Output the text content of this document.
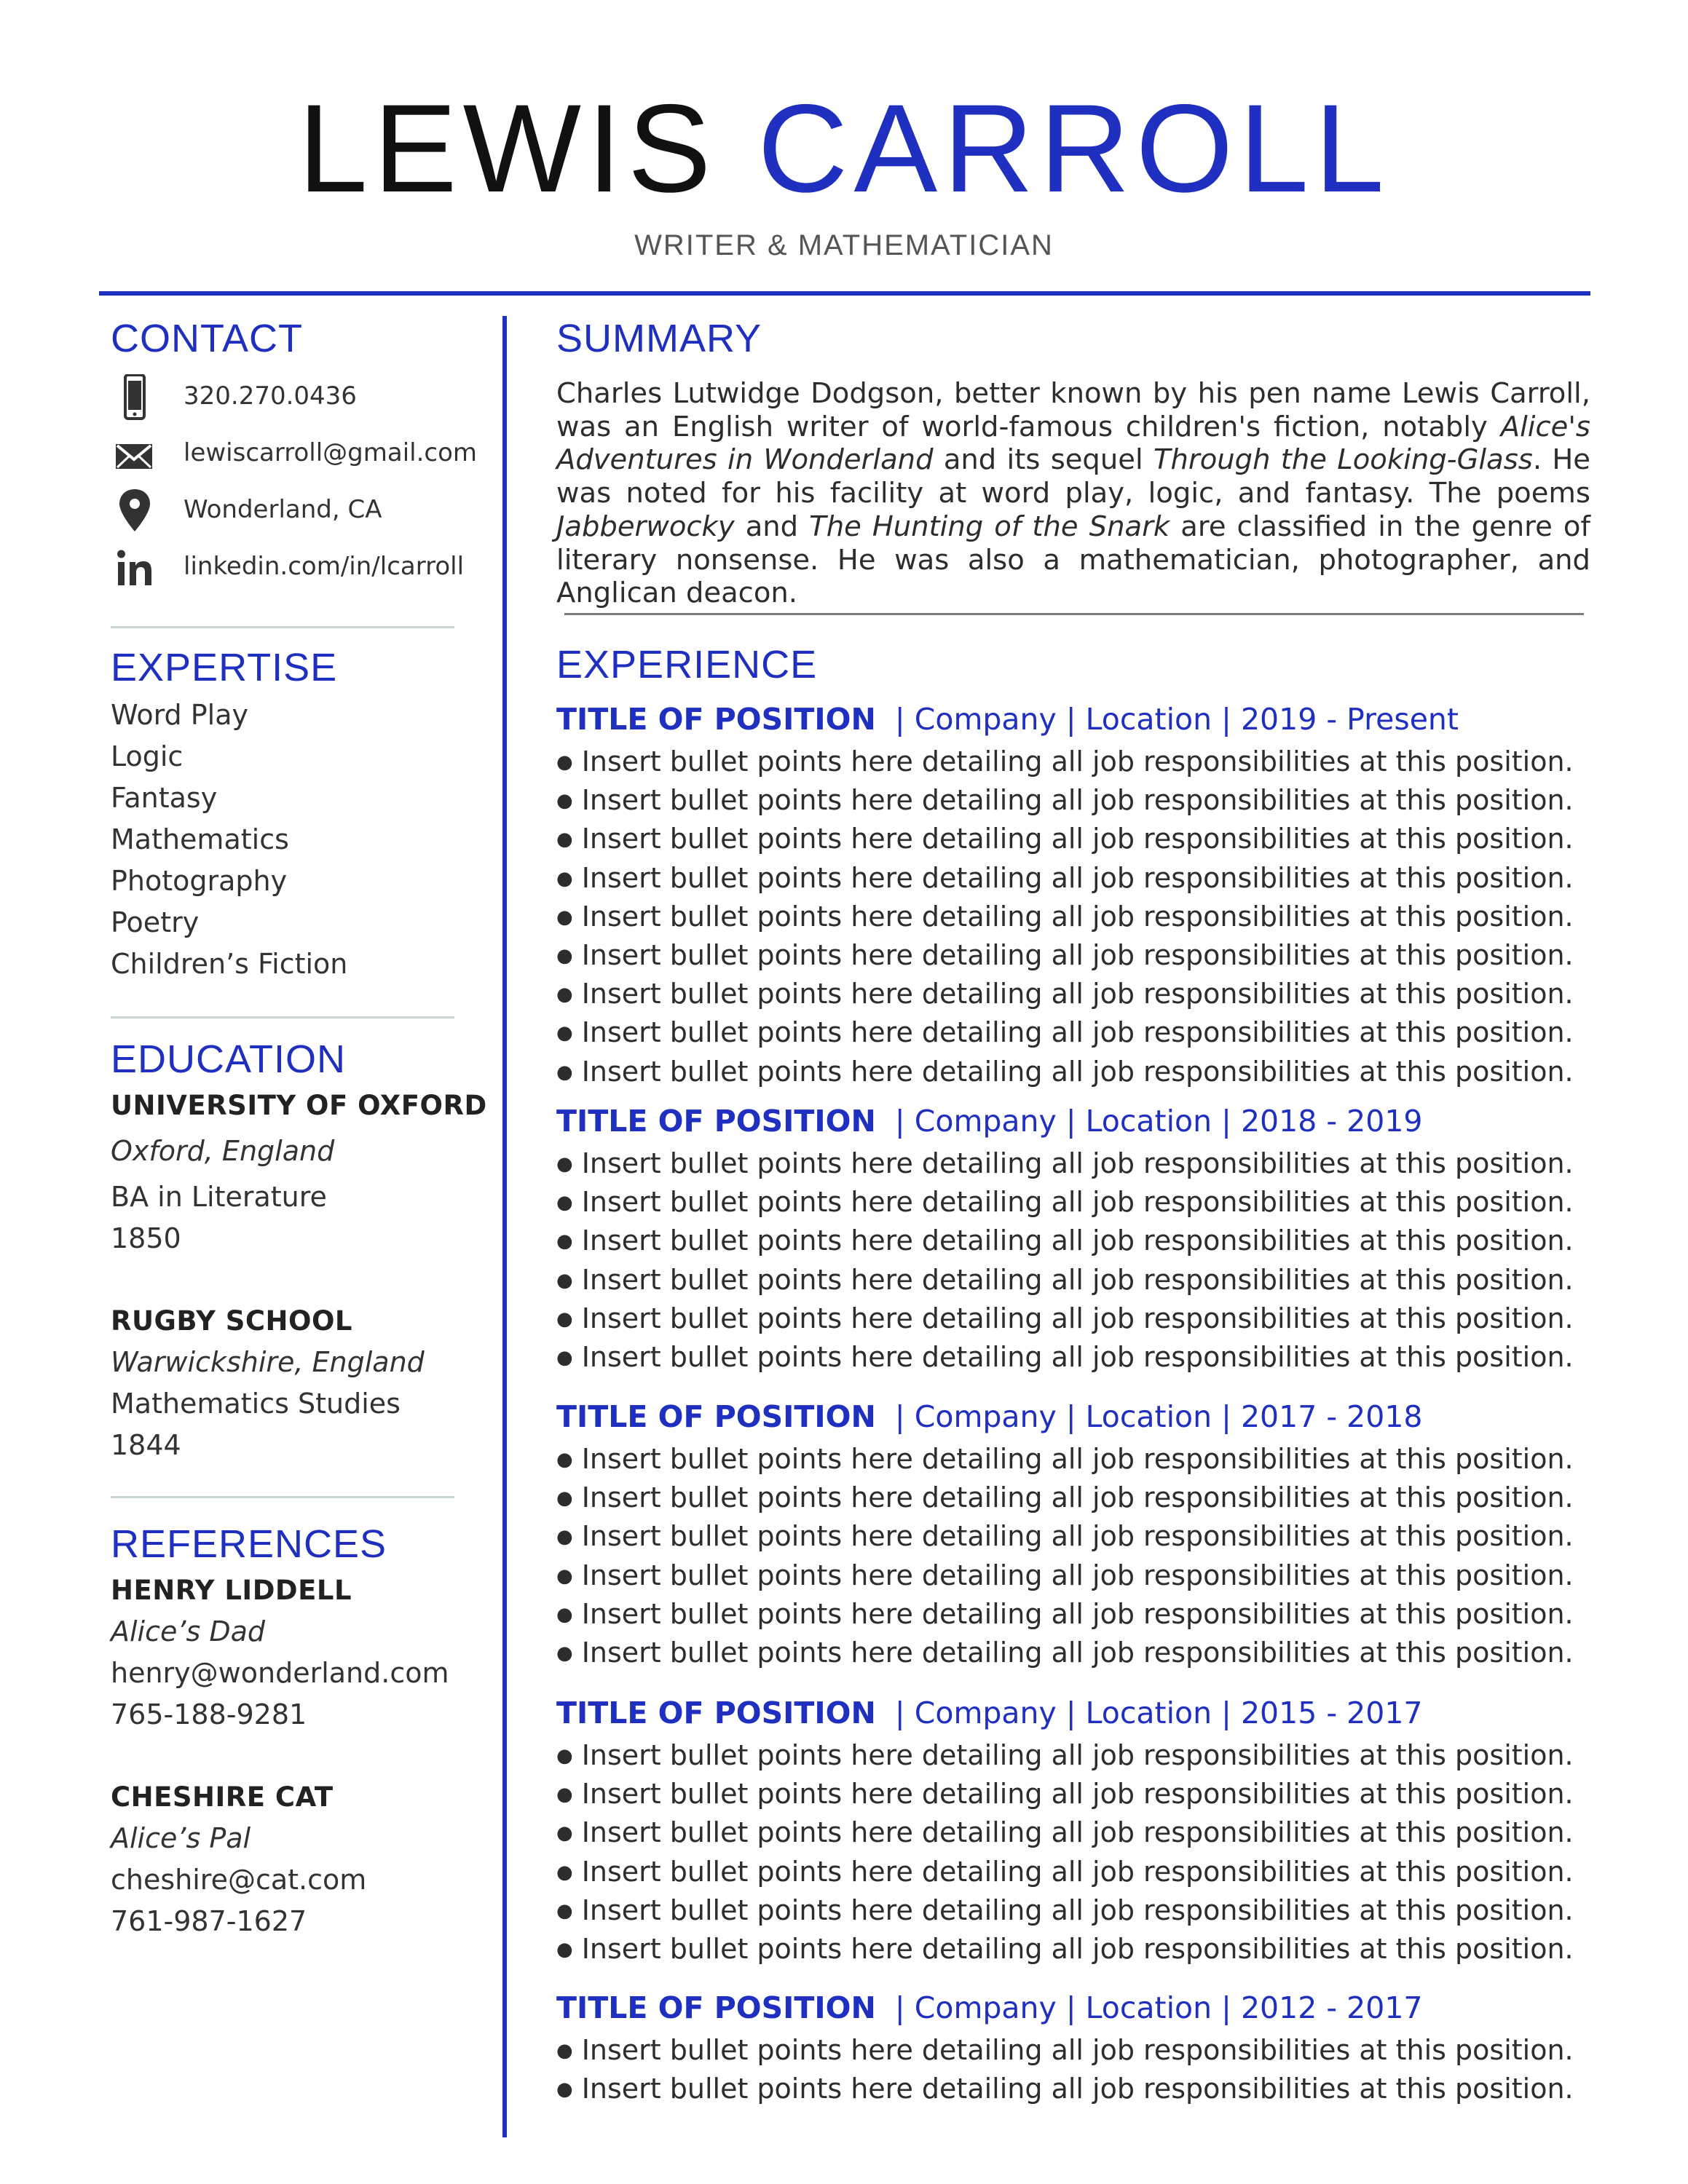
LEWIS CARROLL
WRITER & MATHEMATICIAN
CONTACT
320.270.0436
lewiscarroll@gmail.com
Wonderland, CA
linkedin.com/in/lcarroll
EXPERTISE
Word Play
Logic
Fantasy
Mathematics
Photography
Poetry
Children’s Fiction
EDUCATION
UNIVERSITY OF OXFORD
Oxford, England
BA in Literature
1850
RUGBY SCHOOL
Warwickshire, England
Mathematics Studies
1844
REFERENCES
HENRY LIDDELL
Alice’s Dad
henry@wonderland.com
765-188-9281
CHESHIRE CAT
Alice’s Pal
cheshire@cat.com
761-987-1627
SUMMARY
Charles Lutwidge Dodgson, better known by his pen name Lewis Carroll, was an English writer of world-famous children's fiction, notably Alice's Adventures in Wonderland and its sequel Through the Looking-Glass. He was noted for his facility at word play, logic, and fantasy. The poems Jabberwocky and The Hunting of the Snark are classified in the genre of literary nonsense. He was also a mathematician, photographer, and Anglican deacon.
EXPERIENCE
TITLE OF POSITION | Company | Location | 2019 - Present
● Insert bullet points here detailing all job responsibilities at this position.
● Insert bullet points here detailing all job responsibilities at this position.
● Insert bullet points here detailing all job responsibilities at this position.
● Insert bullet points here detailing all job responsibilities at this position.
● Insert bullet points here detailing all job responsibilities at this position.
● Insert bullet points here detailing all job responsibilities at this position.
● Insert bullet points here detailing all job responsibilities at this position.
● Insert bullet points here detailing all job responsibilities at this position.
● Insert bullet points here detailing all job responsibilities at this position.
TITLE OF POSITION | Company | Location | 2018 - 2019
● Insert bullet points here detailing all job responsibilities at this position.
● Insert bullet points here detailing all job responsibilities at this position.
● Insert bullet points here detailing all job responsibilities at this position.
● Insert bullet points here detailing all job responsibilities at this position.
● Insert bullet points here detailing all job responsibilities at this position.
● Insert bullet points here detailing all job responsibilities at this position.
TITLE OF POSITION | Company | Location | 2017 - 2018
● Insert bullet points here detailing all job responsibilities at this position.
● Insert bullet points here detailing all job responsibilities at this position.
● Insert bullet points here detailing all job responsibilities at this position.
● Insert bullet points here detailing all job responsibilities at this position.
● Insert bullet points here detailing all job responsibilities at this position.
● Insert bullet points here detailing all job responsibilities at this position.
TITLE OF POSITION | Company | Location | 2015 - 2017
● Insert bullet points here detailing all job responsibilities at this position.
● Insert bullet points here detailing all job responsibilities at this position.
● Insert bullet points here detailing all job responsibilities at this position.
● Insert bullet points here detailing all job responsibilities at this position.
● Insert bullet points here detailing all job responsibilities at this position.
● Insert bullet points here detailing all job responsibilities at this position.
TITLE OF POSITION | Company | Location | 2012 - 2017
● Insert bullet points here detailing all job responsibilities at this position.
● Insert bullet points here detailing all job responsibilities at this position.
